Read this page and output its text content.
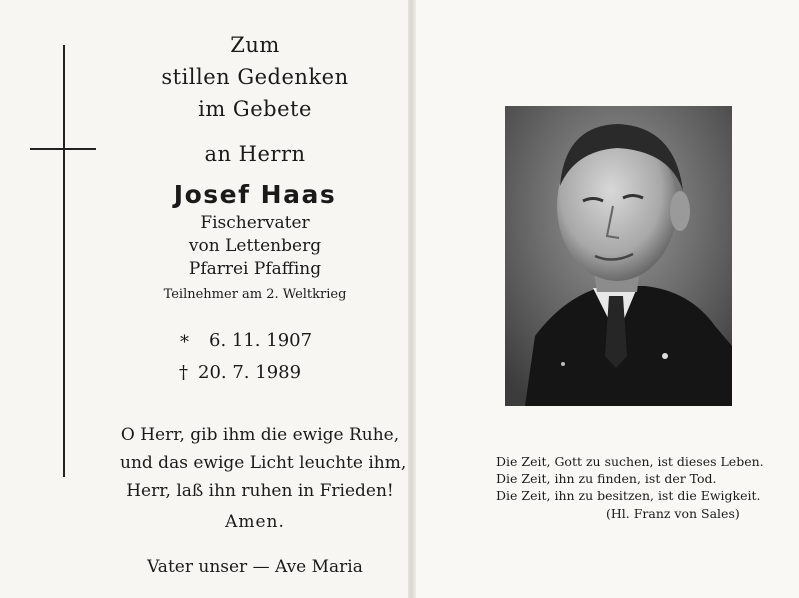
Zum
stillen Gedenken
im Gebete
an Herrn
Josef Haas
Fischervater
von Lettenberg
Pfarrei Pfaffing
Teilnehmer am 2. Weltkrieg
* 6. 11. 1907
† 20. 7. 1989
O Herr, gib ihm die ewige Ruhe,
und das ewige Licht leuchte ihm,
Herr, laß ihn ruhen in Frieden!
Amen.
Vater unser — Ave Maria
Die Zeit, Gott zu suchen, ist dieses Leben.
Die Zeit, ihn zu finden, ist der Tod.
Die Zeit, ihn zu besitzen, ist die Ewigkeit.
(Hl. Franz von Sales)
